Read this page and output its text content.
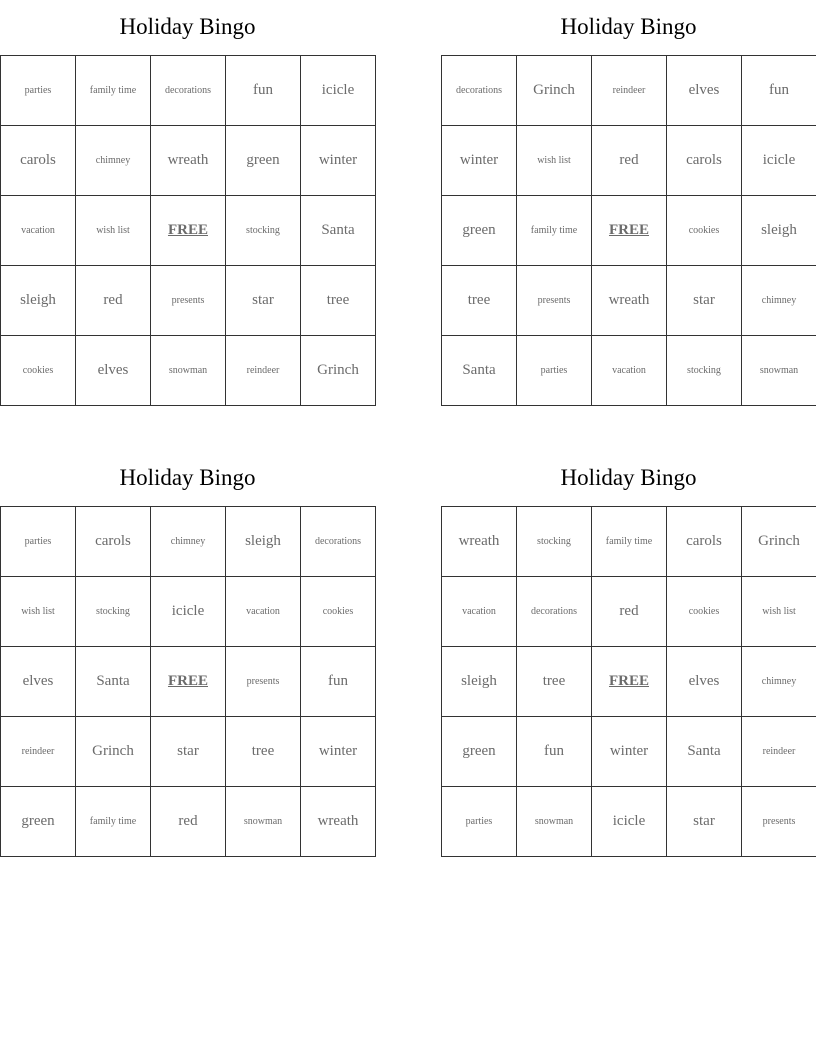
Holiday Bingo
parties	family time	decorations	fun	icicle
carols	chimney	wreath	green	winter
vacation	wish list	FREE	stocking	Santa
sleigh	red	presents	star	tree
cookies	elves	snowman	reindeer	Grinch
Holiday Bingo
decorations	Grinch	reindeer	elves	fun
winter	wish list	red	carols	icicle
green	family time	FREE	cookies	sleigh
tree	presents	wreath	star	chimney
Santa	parties	vacation	stocking	snowman
Holiday Bingo
parties	carols	chimney	sleigh	decorations
wish list	stocking	icicle	vacation	cookies
elves	Santa	FREE	presents	fun
reindeer	Grinch	star	tree	winter
green	family time	red	snowman	wreath
Holiday Bingo
wreath	stocking	family time	carols	Grinch
vacation	decorations	red	cookies	wish list
sleigh	tree	FREE	elves	chimney
green	fun	winter	Santa	reindeer
parties	snowman	icicle	star	presents
